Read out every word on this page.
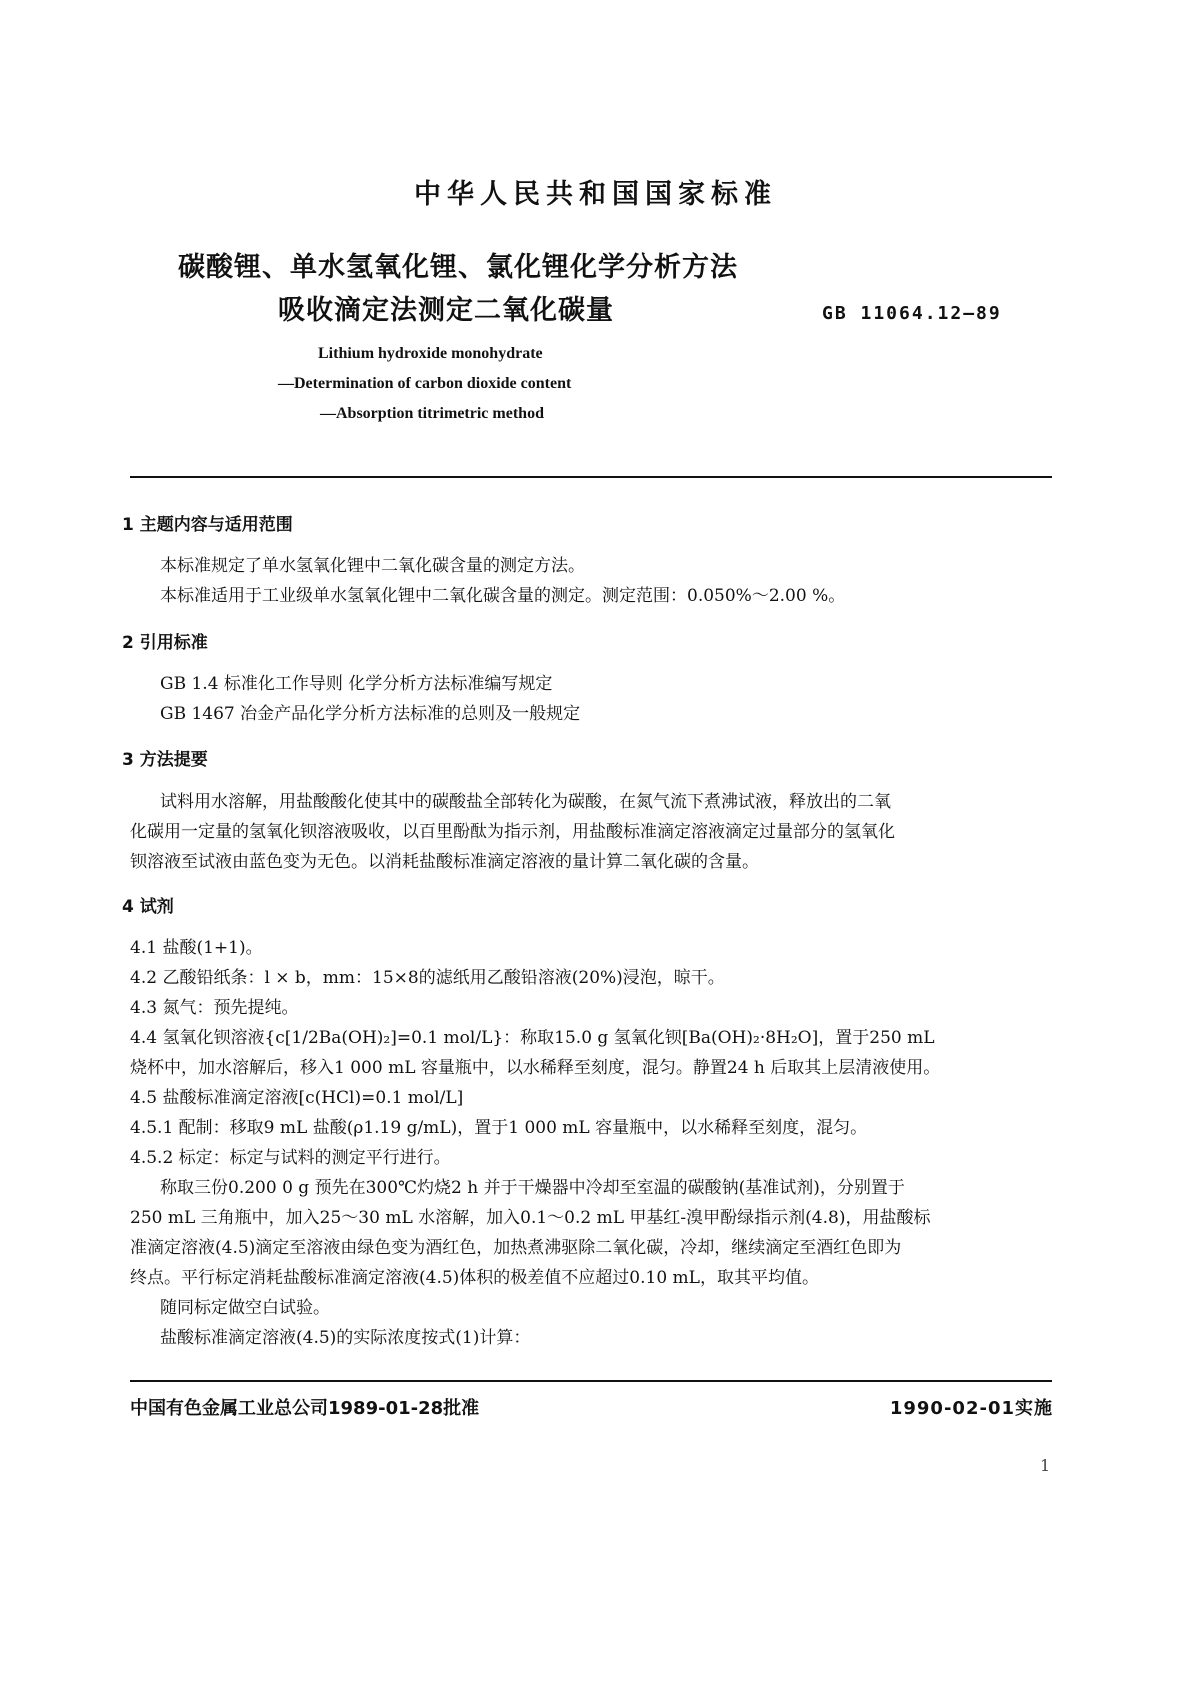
中华人民共和国国家标准
碳酸锂、单水氢氧化锂、氯化锂化学分析方法
吸收滴定法测定二氧化碳量	GB 11064.12—89
Lithium hydroxide monohydrate
—Determination of carbon dioxide content
—Absorption titrimetric method
1 主题内容与适用范围
本标准规定了单水氢氧化锂中二氧化碳含量的测定方法。
本标准适用于工业级单水氢氧化锂中二氧化碳含量的测定。测定范围：0.050%～2.00 %。
2 引用标准
GB 1.4 标准化工作导则 化学分析方法标准编写规定
GB 1467 冶金产品化学分析方法标准的总则及一般规定
3 方法提要
试料用水溶解，用盐酸酸化使其中的碳酸盐全部转化为碳酸，在氮气流下煮沸试液，释放出的二氧
化碳用一定量的氢氧化钡溶液吸收，以百里酚酞为指示剂，用盐酸标准滴定溶液滴定过量部分的氢氧化
钡溶液至试液由蓝色变为无色。以消耗盐酸标准滴定溶液的量计算二氧化碳的含量。
4 试剂
4.1 盐酸(1+1)。
4.2 乙酸铅纸条：l × b，mm：15×8的滤纸用乙酸铅溶液(20%)浸泡，晾干。
4.3 氮气：预先提纯。
4.4 氢氧化钡溶液{c[1/2Ba(OH)₂]=0.1 mol/L}：称取15.0 g 氢氧化钡[Ba(OH)₂·8H₂O]，置于250 mL
烧杯中，加水溶解后，移入1 000 mL 容量瓶中，以水稀释至刻度，混匀。静置24 h 后取其上层清液使用。
4.5 盐酸标准滴定溶液[c(HCl)=0.1 mol/L]
4.5.1 配制：移取9 mL 盐酸(ρ1.19 g/mL)，置于1 000 mL 容量瓶中，以水稀释至刻度，混匀。
4.5.2 标定：标定与试料的测定平行进行。
称取三份0.200 0 g 预先在300℃灼烧2 h 并于干燥器中冷却至室温的碳酸钠(基准试剂)，分别置于
250 mL 三角瓶中，加入25～30 mL 水溶解，加入0.1～0.2 mL 甲基红-溴甲酚绿指示剂(4.8)，用盐酸标
准滴定溶液(4.5)滴定至溶液由绿色变为酒红色，加热煮沸驱除二氧化碳，冷却，继续滴定至酒红色即为
终点。平行标定消耗盐酸标准滴定溶液(4.5)体积的极差值不应超过0.10 mL，取其平均值。
随同标定做空白试验。
盐酸标准滴定溶液(4.5)的实际浓度按式(1)计算：
中国有色金属工业总公司1989-01-28批准	1990-02-01实施
1
